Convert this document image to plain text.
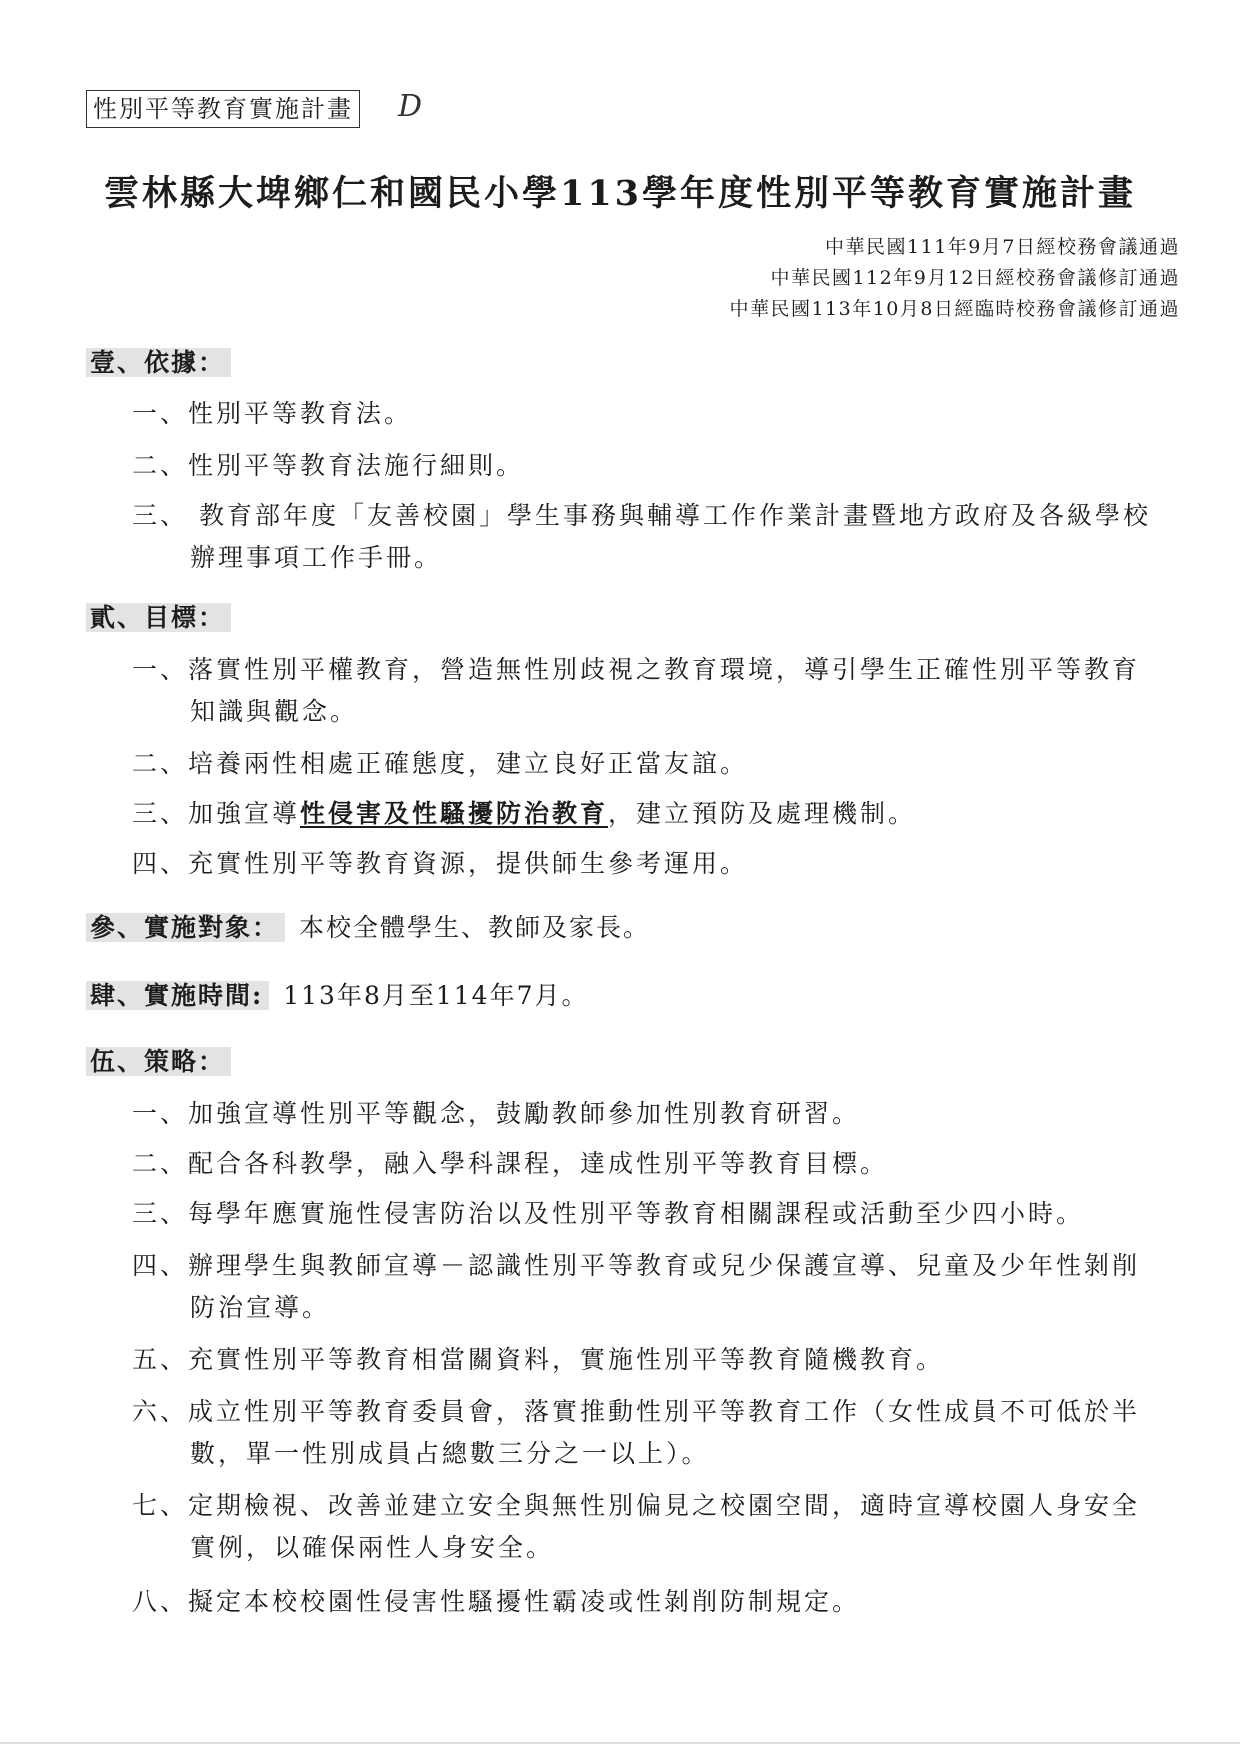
性別平等教育實施計畫 D
雲林縣大埤鄉仁和國民小學113學年度性別平等教育實施計畫
中華民國111年9月7日經校務會議通過
中華民國112年9月12日經校務會議修訂通過
中華民國113年10月8日經臨時校務會議修訂通過
壹、依據：
一、性別平等教育法。
二、性別平等教育法施行細則。
三、 教育部年度「友善校園」學生事務與輔導工作作業計畫暨地方政府及各級學校
辦理事項工作手冊。
貳、目標：
一、落實性別平權教育，營造無性別歧視之教育環境，導引學生正確性別平等教育
知識與觀念。
二、培養兩性相處正確態度，建立良好正當友誼。
三、加強宣導性侵害及性騷擾防治教育，建立預防及處理機制。
四、充實性別平等教育資源，提供師生參考運用。
參、實施對象： 本校全體學生、教師及家長。
肆、實施時間: 113年8月至114年7月。
伍、策略：
一、加強宣導性別平等觀念，鼓勵教師參加性別教育研習。
二、配合各科教學，融入學科課程，達成性別平等教育目標。
三、每學年應實施性侵害防治以及性別平等教育相關課程或活動至少四小時。
四、辦理學生與教師宣導－認識性別平等教育或兒少保護宣導、兒童及少年性剝削
防治宣導。
五、充實性別平等教育相當關資料，實施性別平等教育隨機教育。
六、成立性別平等教育委員會，落實推動性別平等教育工作（女性成員不可低於半
數，單一性別成員占總數三分之一以上）。
七、定期檢視、改善並建立安全與無性別偏見之校園空間，適時宣導校園人身安全
實例，以確保兩性人身安全。
八、擬定本校校園性侵害性騷擾性霸凌或性剝削防制規定。
